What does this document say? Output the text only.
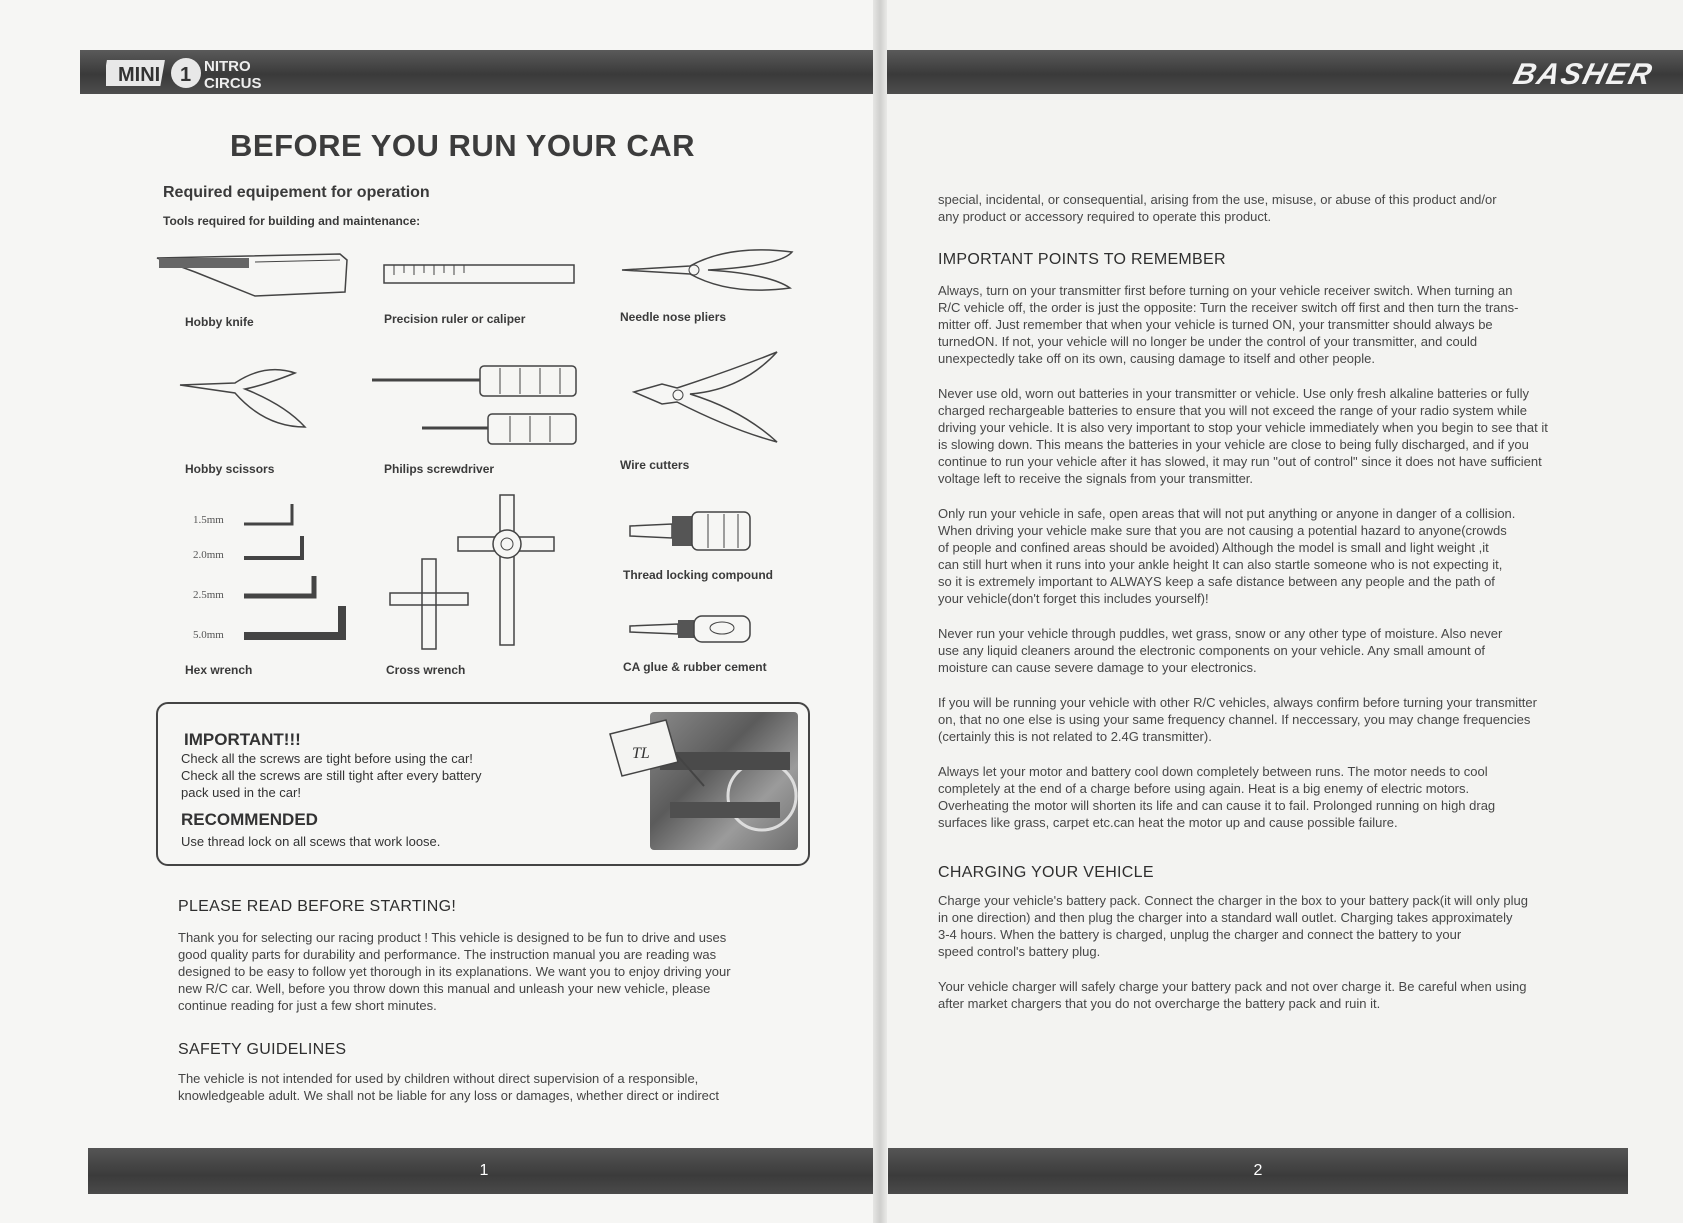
MINI 1 NITRO
CIRCUS
BEFORE YOU RUN YOUR CAR
Required equipement for operation
Tools required for building and maintenance:
Hobby knife	Precision ruler or caliper	Needle nose pliers
Hobby scissors	Philips screwdriver	Wire cutters
1.5mm
2.0mm
2.5mm
5.0mm
Hex wrench	Cross wrench
Thread locking compound
CA glue & rubber cement
IMPORTANT!!!
Check all the screws are tight before using the car!
Check all the screws are still tight after every battery
pack used in the car!
RECOMMENDED
Use thread lock on all scews that work loose.
TL
PLEASE READ BEFORE STARTING!
Thank you for selecting our racing product ! This vehicle is designed to be fun to drive and uses
good quality parts for durability and performance. The instruction manual you are reading was
designed to be easy to follow yet thorough in its explanations. We want you to enjoy driving your
new R/C car. Well, before you throw down this manual and unleash your new vehicle, please
continue reading for just a few short minutes.
SAFETY GUIDELINES
The vehicle is not intended for used by children without direct supervision of a responsible,
knowledgeable adult. We shall not be liable for any loss or damages, whether direct or indirect
1
BASHER
special, incidental, or consequential, arising from the use, misuse, or abuse of this product and/or
any product or accessory required to operate this product.
IMPORTANT POINTS TO REMEMBER
Always, turn on your transmitter first before turning on your vehicle receiver switch. When turning an
R/C vehicle off, the order is just the opposite: Turn the receiver switch off first and then turn the trans-
mitter off. Just remember that when your vehicle is turned ON, your transmitter should always be
turnedON. If not, your vehicle will no longer be under the control of your transmitter, and could
unexpectedly take off on its own, causing damage to itself and other people.
Never use old, worn out batteries in your transmitter or vehicle. Use only fresh alkaline batteries or fully
charged rechargeable batteries to ensure that you will not exceed the range of your radio system while
driving your vehicle. It is also very important to stop your vehicle immediately when you begin to see that it
is slowing down. This means the batteries in your vehicle are close to being fully discharged, and if you
continue to run your vehicle after it has slowed, it may run "out of control" since it does not have sufficient
voltage left to receive the signals from your transmitter.
Only run your vehicle in safe, open areas that will not put anything or anyone in danger of a collision.
When driving your vehicle make sure that you are not causing a potential hazard to anyone(crowds
of people and confined areas should be avoided) Although the model is small and light weight ,it
can still hurt when it runs into your ankle height It can also startle someone who is not expecting it,
so it is extremely important to ALWAYS keep a safe distance between any people and the path of
your vehicle(don't forget this includes yourself)!
Never run your vehicle through puddles, wet grass, snow or any other type of moisture. Also never
use any liquid cleaners around the electronic components on your vehicle. Any small amount of
moisture can cause severe damage to your electronics.
If you will be running your vehicle with other R/C vehicles, always confirm before turning your transmitter
on, that no one else is using your same frequency channel. If neccessary, you may change frequencies
(certainly this is not related to 2.4G transmitter).
Always let your motor and battery cool down completely between runs. The motor needs to cool
completely at the end of a charge before using again. Heat is a big enemy of electric motors.
Overheating the motor will shorten its life and can cause it to fail. Prolonged running on high drag
surfaces like grass, carpet etc.can heat the motor up and cause possible failure.
CHARGING YOUR VEHICLE
Charge your vehicle's battery pack. Connect the charger in the box to your battery pack(it will only plug
in one direction) and then plug the charger into a standard wall outlet. Charging takes approximately
3-4 hours. When the battery is charged, unplug the charger and connect the battery to your
speed control's battery plug.
Your vehicle charger will safely charge your battery pack and not over charge it. Be careful when using
after market chargers that you do not overcharge the battery pack and ruin it.
2
